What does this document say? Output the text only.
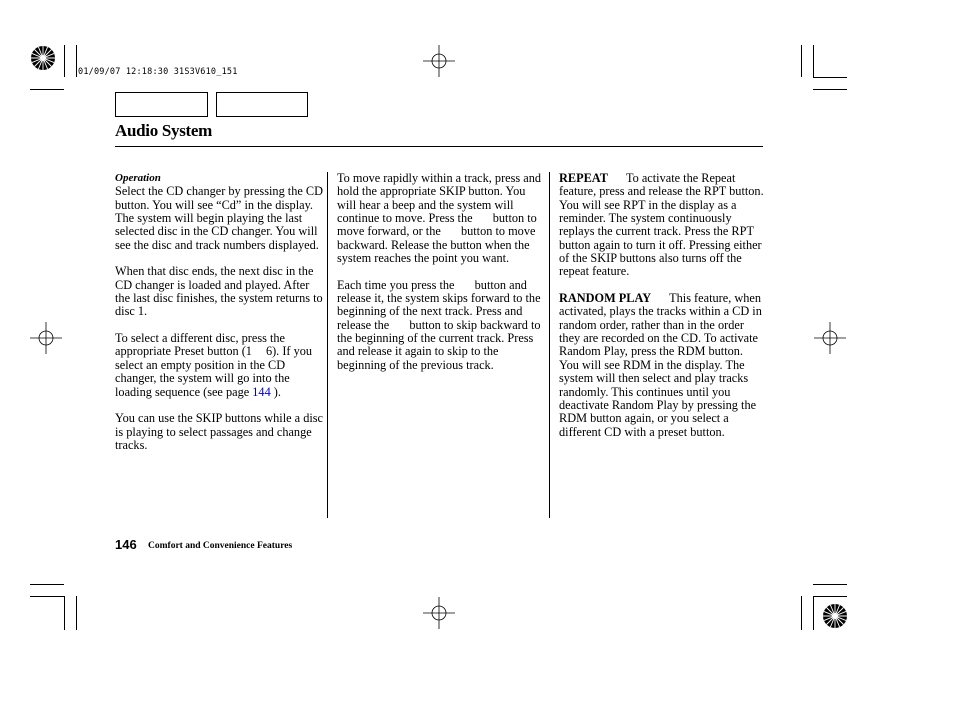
01/09/07 12:18:30 31S3V610_151
Audio System
Operation

Select the CD changer by pressing the CD button. You will see “Cd” in the display. The system will begin playing the last selected disc in the CD changer. You will see the disc and track numbers displayed.

When that disc ends, the next disc in the CD changer is loaded and played. After the last disc finishes, the system returns to disc 1.

To select a different disc, press the appropriate Preset button (1 6). If you select an empty position in the CD changer, the system will go into the loading sequence (see page 144 ).

You can use the SKIP buttons while a disc is playing to select passages and change tracks.

To move rapidly within a track, press and hold the appropriate SKIP button. You will hear a beep and the system will continue to move. Press the button to move forward, or the button to move backward. Release the button when the system reaches the point you want.

Each time you press the button and release it, the system skips forward to the beginning of the next track. Press and release the button to skip backward to the beginning of the current track. Press and release it again to skip to the beginning of the previous track.

REPEAT To activate the Repeat feature, press and release the RPT button. You will see RPT in the display as a reminder. The system continuously replays the current track. Press the RPT button again to turn it off. Pressing either of the SKIP buttons also turns off the repeat feature.

RANDOM PLAY This feature, when activated, plays the tracks within a CD in random order, rather than in the order they are recorded on the CD. To activate Random Play, press the RDM button. You will see RDM in the display. The system will then select and play tracks randomly. This continues until you deactivate Random Play by pressing the RDM button again, or you select a different CD with a preset button.

146 Comfort and Convenience Features
